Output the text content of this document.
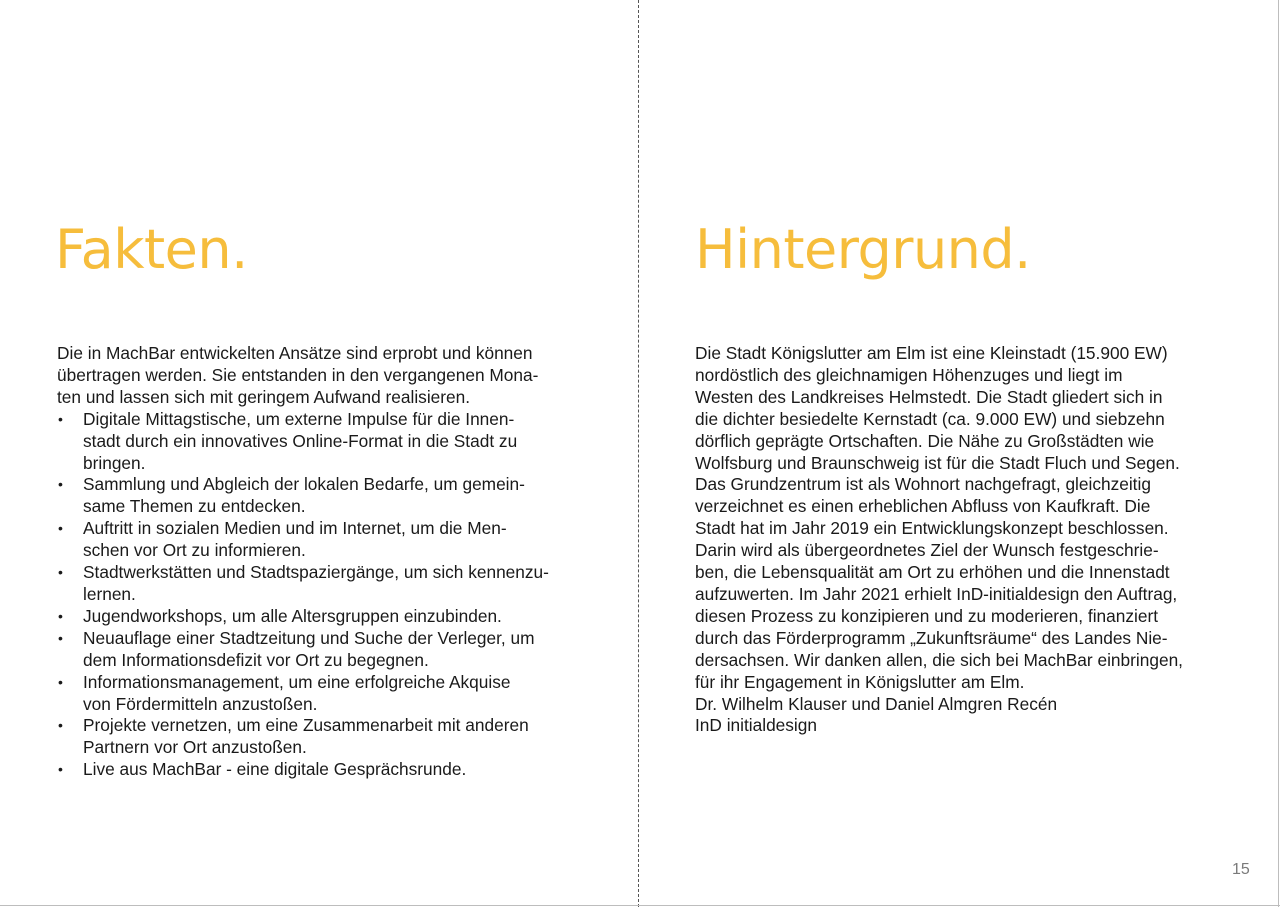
Fakten.

Die in MachBar entwickelten Ansätze sind erprobt und können
übertragen werden. Sie entstanden in den vergangenen Mona-
ten und lassen sich mit geringem Aufwand realisieren.

•	Digitale Mittagstische, um externe Impulse für die Innen-
stadt durch ein innovatives Online-Format in die Stadt zu
bringen.
•	Sammlung und Abgleich der lokalen Bedarfe, um gemein-
same Themen zu entdecken.
•	Auftritt in sozialen Medien und im Internet, um die Men-
schen vor Ort zu informieren.
•	Stadtwerkstätten und Stadtspaziergänge, um sich kennenzu-
lernen.
•	Jugendworkshops, um alle Altersgruppen einzubinden.
•	Neuauflage einer Stadtzeitung und Suche der Verleger, um
dem Informationsdefizit vor Ort zu begegnen.
•	Informationsmanagement, um eine erfolgreiche Akquise
von Fördermitteln anzustoßen.
•	Projekte vernetzen, um eine Zusammenarbeit mit anderen
Partnern vor Ort anzustoßen.
•	Live aus MachBar - eine digitale Gesprächsrunde.
Hintergrund.

Die Stadt Königslutter am Elm ist eine Kleinstadt (15.900 EW)
nordöstlich des gleichnamigen Höhenzuges und liegt im
Westen des Landkreises Helmstedt. Die Stadt gliedert sich in
die dichter besiedelte Kernstadt (ca. 9.000 EW) und siebzehn
dörflich geprägte Ortschaften. Die Nähe zu Großstädten wie
Wolfsburg und Braunschweig ist für die Stadt Fluch und Segen.
Das Grundzentrum ist als Wohnort nachgefragt, gleichzeitig
verzeichnet es einen erheblichen Abfluss von Kaufkraft. Die
Stadt hat im Jahr 2019 ein Entwicklungskonzept beschlossen.
Darin wird als übergeordnetes Ziel der Wunsch festgeschrie-
ben, die Lebensqualität am Ort zu erhöhen und die Innenstadt
aufzuwerten. Im Jahr 2021 erhielt InD-initialdesign den Auftrag,
diesen Prozess zu konzipieren und zu moderieren, finanziert
durch das Förderprogramm „Zukunftsräume“ des Landes Nie-
dersachsen. Wir danken allen, die sich bei MachBar einbringen,
für ihr Engagement in Königslutter am Elm.

Dr. Wilhelm Klauser und Daniel Almgren Recén
InD initialdesign

15
